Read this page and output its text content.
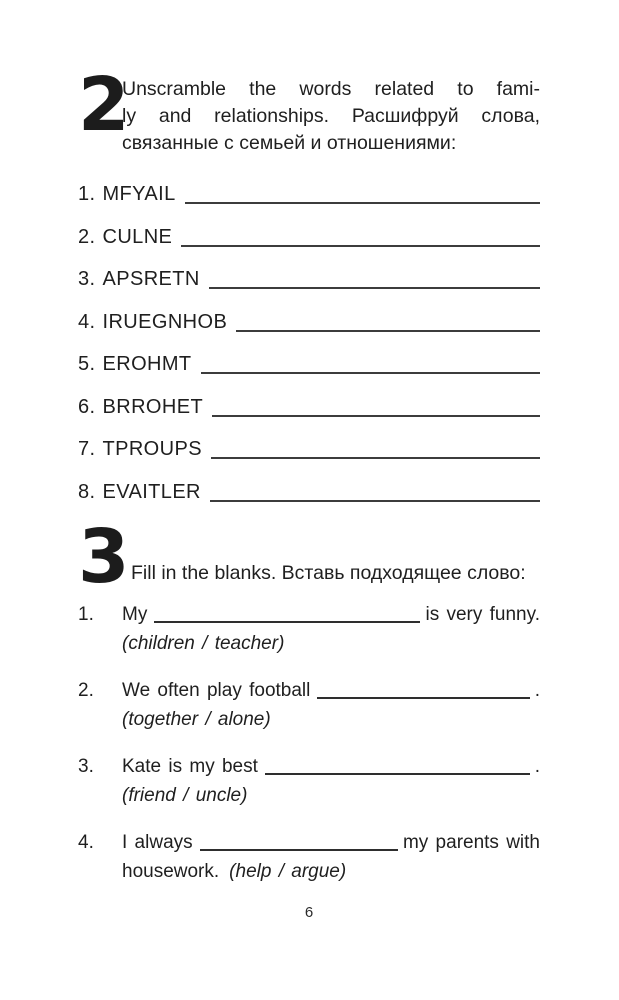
2
Unscramble the words related to fami-
ly and relationships. Расшифруй слова,
связанные с семьей и отношениями:
1. MFYAIL
2. CULNE
3. APSRETN
4. IRUEGNHOB
5. EROHMT
6. BRROHET
7. TPROUPS
8. EVAITLER
3 Fill in the blanks. Вставь подходящее слово:
1.	My	is very funny.
(children / teacher)
2.	We often play football	.
(together / alone)
3.	Kate is my best	.
(friend / uncle)
4.	I always	my parents with
housework. (help / argue)
6
